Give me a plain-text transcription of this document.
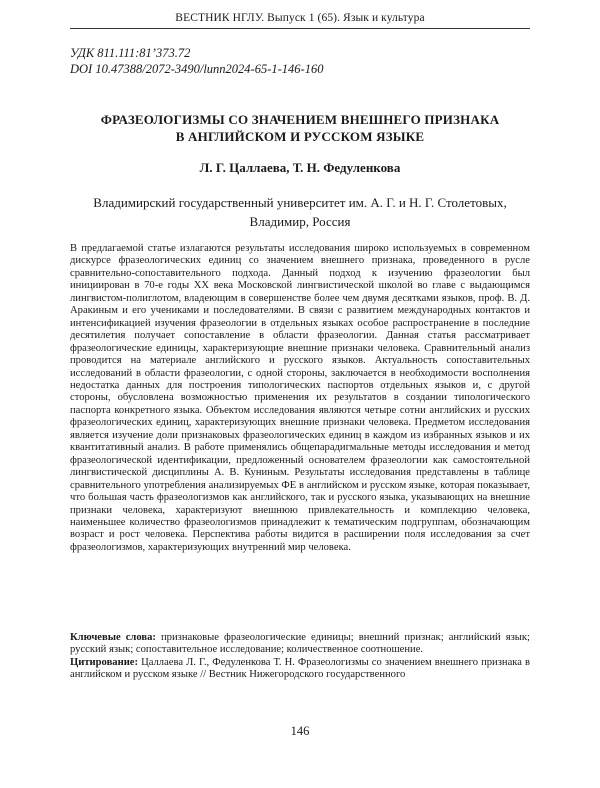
ВЕСТНИК НГЛУ. Выпуск 1 (65). Язык и культура
УДК 811.111:81’373.72
DOI 10.47388/2072-3490/lunn2024-65-1-146-160
ФРАЗЕОЛОГИЗМЫ СО ЗНАЧЕНИЕМ ВНЕШНЕГО ПРИЗНАКА
В АНГЛИЙСКОМ И РУССКОМ ЯЗЫКЕ
Л. Г. Цаллаева, Т. Н. Федуленкова
Владимирский государственный университет им. А. Г. и Н. Г. Столетовых,
Владимир, Россия

В предлагаемой статье излагаются результаты исследования широко используемых в современном дискурсе фразеологических единиц со значением внешнего признака, проведенного в русле сравнительно-сопоставительного подхода. Данный подход к изучению фразеологии был инициирован в 70-е годы XX века Московской лингвистической школой во главе с выдающимся лингвистом-полиглотом, владеющим в совершенстве более чем двумя десятками языков, проф. В. Д. Аракиным и его учениками и последователями. В связи с развитием международных контактов и интенсификацией изучения фразеологии в отдельных языках особое распространение в последние десятилетия получает сопоставление в области фразеологии. Данная статья рассматривает фразеологические единицы, характеризующие внешние признаки человека. Сравнительный анализ проводится на материале английского и русского языков. Актуальность сопоставительных исследований в области фразеологии, с одной стороны, заключается в необходимости восполнения недостатка данных для построения типологических паспортов отдельных языков и, с другой стороны, обусловлена возможностью применения их результатов в создании типологического паспорта конкретного языка. Объектом исследования являются четыре сотни английских и русских фразеологических единиц, характеризующих внешние признаки человека. Предметом исследования является изучение доли признаковых фразеологических единиц в каждом из избранных языков и их квантитативный анализ. В работе применялись общепарадигмальные методы исследования и метод фразеологической идентификации, предложенный основателем фразеологии как самостоятельной лингвистической дисциплины А. В. Куниным. Результаты исследования представлены в таблице сравнительного употребления анализируемых ФЕ в английском и русском языке, которая показывает, что большая часть фразеологизмов как английского, так и русского языка, указывающих на внешние признаки человека, характеризуют внешнюю привлекательность и комплекцию человека, наименьшее количество фразеологизмов принадлежит к тематическим подгруппам, обозначающим возраст и рост человека. Перспектива работы видится в расширении поля исследования за счет фразеологизмов, характеризующих внутренний мир человека.

Ключевые слова: признаковые фразеологические единицы; внешний признак; английский язык; русский язык; сопоставительное исследование; количественное соотношение.

Цитирование: Цаллаева Л. Г., Федуленкова Т. Н. Фразеологизмы со значением внешнего признака в английском и русском языке // Вестник Нижегородского государственного

146
